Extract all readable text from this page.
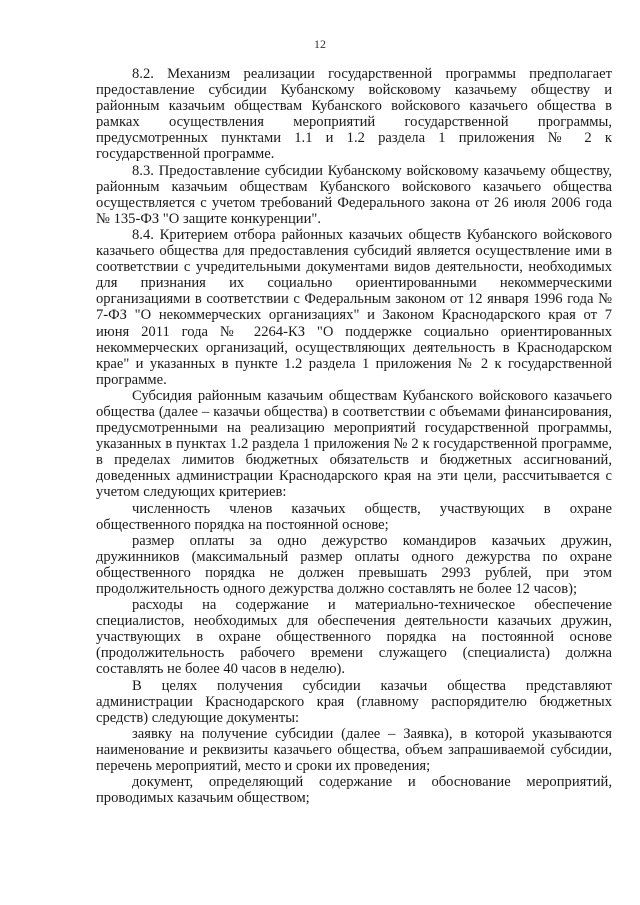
12

8.2. Механизм реализации государственной программы предполагает предоставление субсидии Кубанскому войсковому казачьему обществу и районным казачьим обществам Кубанского войскового казачьего общества в рамках осуществления мероприятий государственной программы, предусмотренных пунктами 1.1 и 1.2 раздела 1 приложения № 2 к государственной программе.

8.3. Предоставление субсидии Кубанскому войсковому казачьему обществу, районным казачьим обществам Кубанского войскового казачьего общества осуществляется с учетом требований Федерального закона от 26 июля 2006 года № 135-ФЗ "О защите конкуренции".

8.4. Критерием отбора районных казачьих обществ Кубанского войскового казачьего общества для предоставления субсидий является осуществление ими в соответствии с учредительными документами видов деятельности, необходимых для признания их социально ориентированными некоммерческими организациями в соответствии с Федеральным законом от 12 января 1996 года № 7-ФЗ "О некоммерческих организациях" и Законом Краснодарского края от 7 июня 2011 года № 2264-КЗ "О поддержке социально ориентированных некоммерческих организаций, осуществляющих деятельность в Краснодарском крае" и указанных в пункте 1.2 раздела 1 приложения № 2 к государственной программе.

Субсидия районным казачьим обществам Кубанского войскового казачьего общества (далее – казачьи общества) в соответствии с объемами финансирования, предусмотренными на реализацию мероприятий государственной программы, указанных в пунктах 1.2 раздела 1 приложения № 2 к государственной программе, в пределах лимитов бюджетных обязательств и бюджетных ассигнований, доведенных администрации Краснодарского края на эти цели, рассчитывается с учетом следующих критериев:

численность членов казачьих обществ, участвующих в охране общественного порядка на постоянной основе;

размер оплаты за одно дежурство командиров казачьих дружин, дружинников (максимальный размер оплаты одного дежурства по охране общественного порядка не должен превышать 2993 рублей, при этом продолжительность одного дежурства должно составлять не более 12 часов);

расходы на содержание и материально-техническое обеспечение специалистов, необходимых для обеспечения деятельности казачьих дружин, участвующих в охране общественного порядка на постоянной основе (продолжительность рабочего времени служащего (специалиста) должна составлять не более 40 часов в неделю).

В целях получения субсидии казачьи общества представляют администрации Краснодарского края (главному распорядителю бюджетных средств) следующие документы:

заявку на получение субсидии (далее – Заявка), в которой указываются наименование и реквизиты казачьего общества, объем запрашиваемой субсидии, перечень мероприятий, место и сроки их проведения;

документ, определяющий содержание и обоснование мероприятий, проводимых казачьим обществом;
